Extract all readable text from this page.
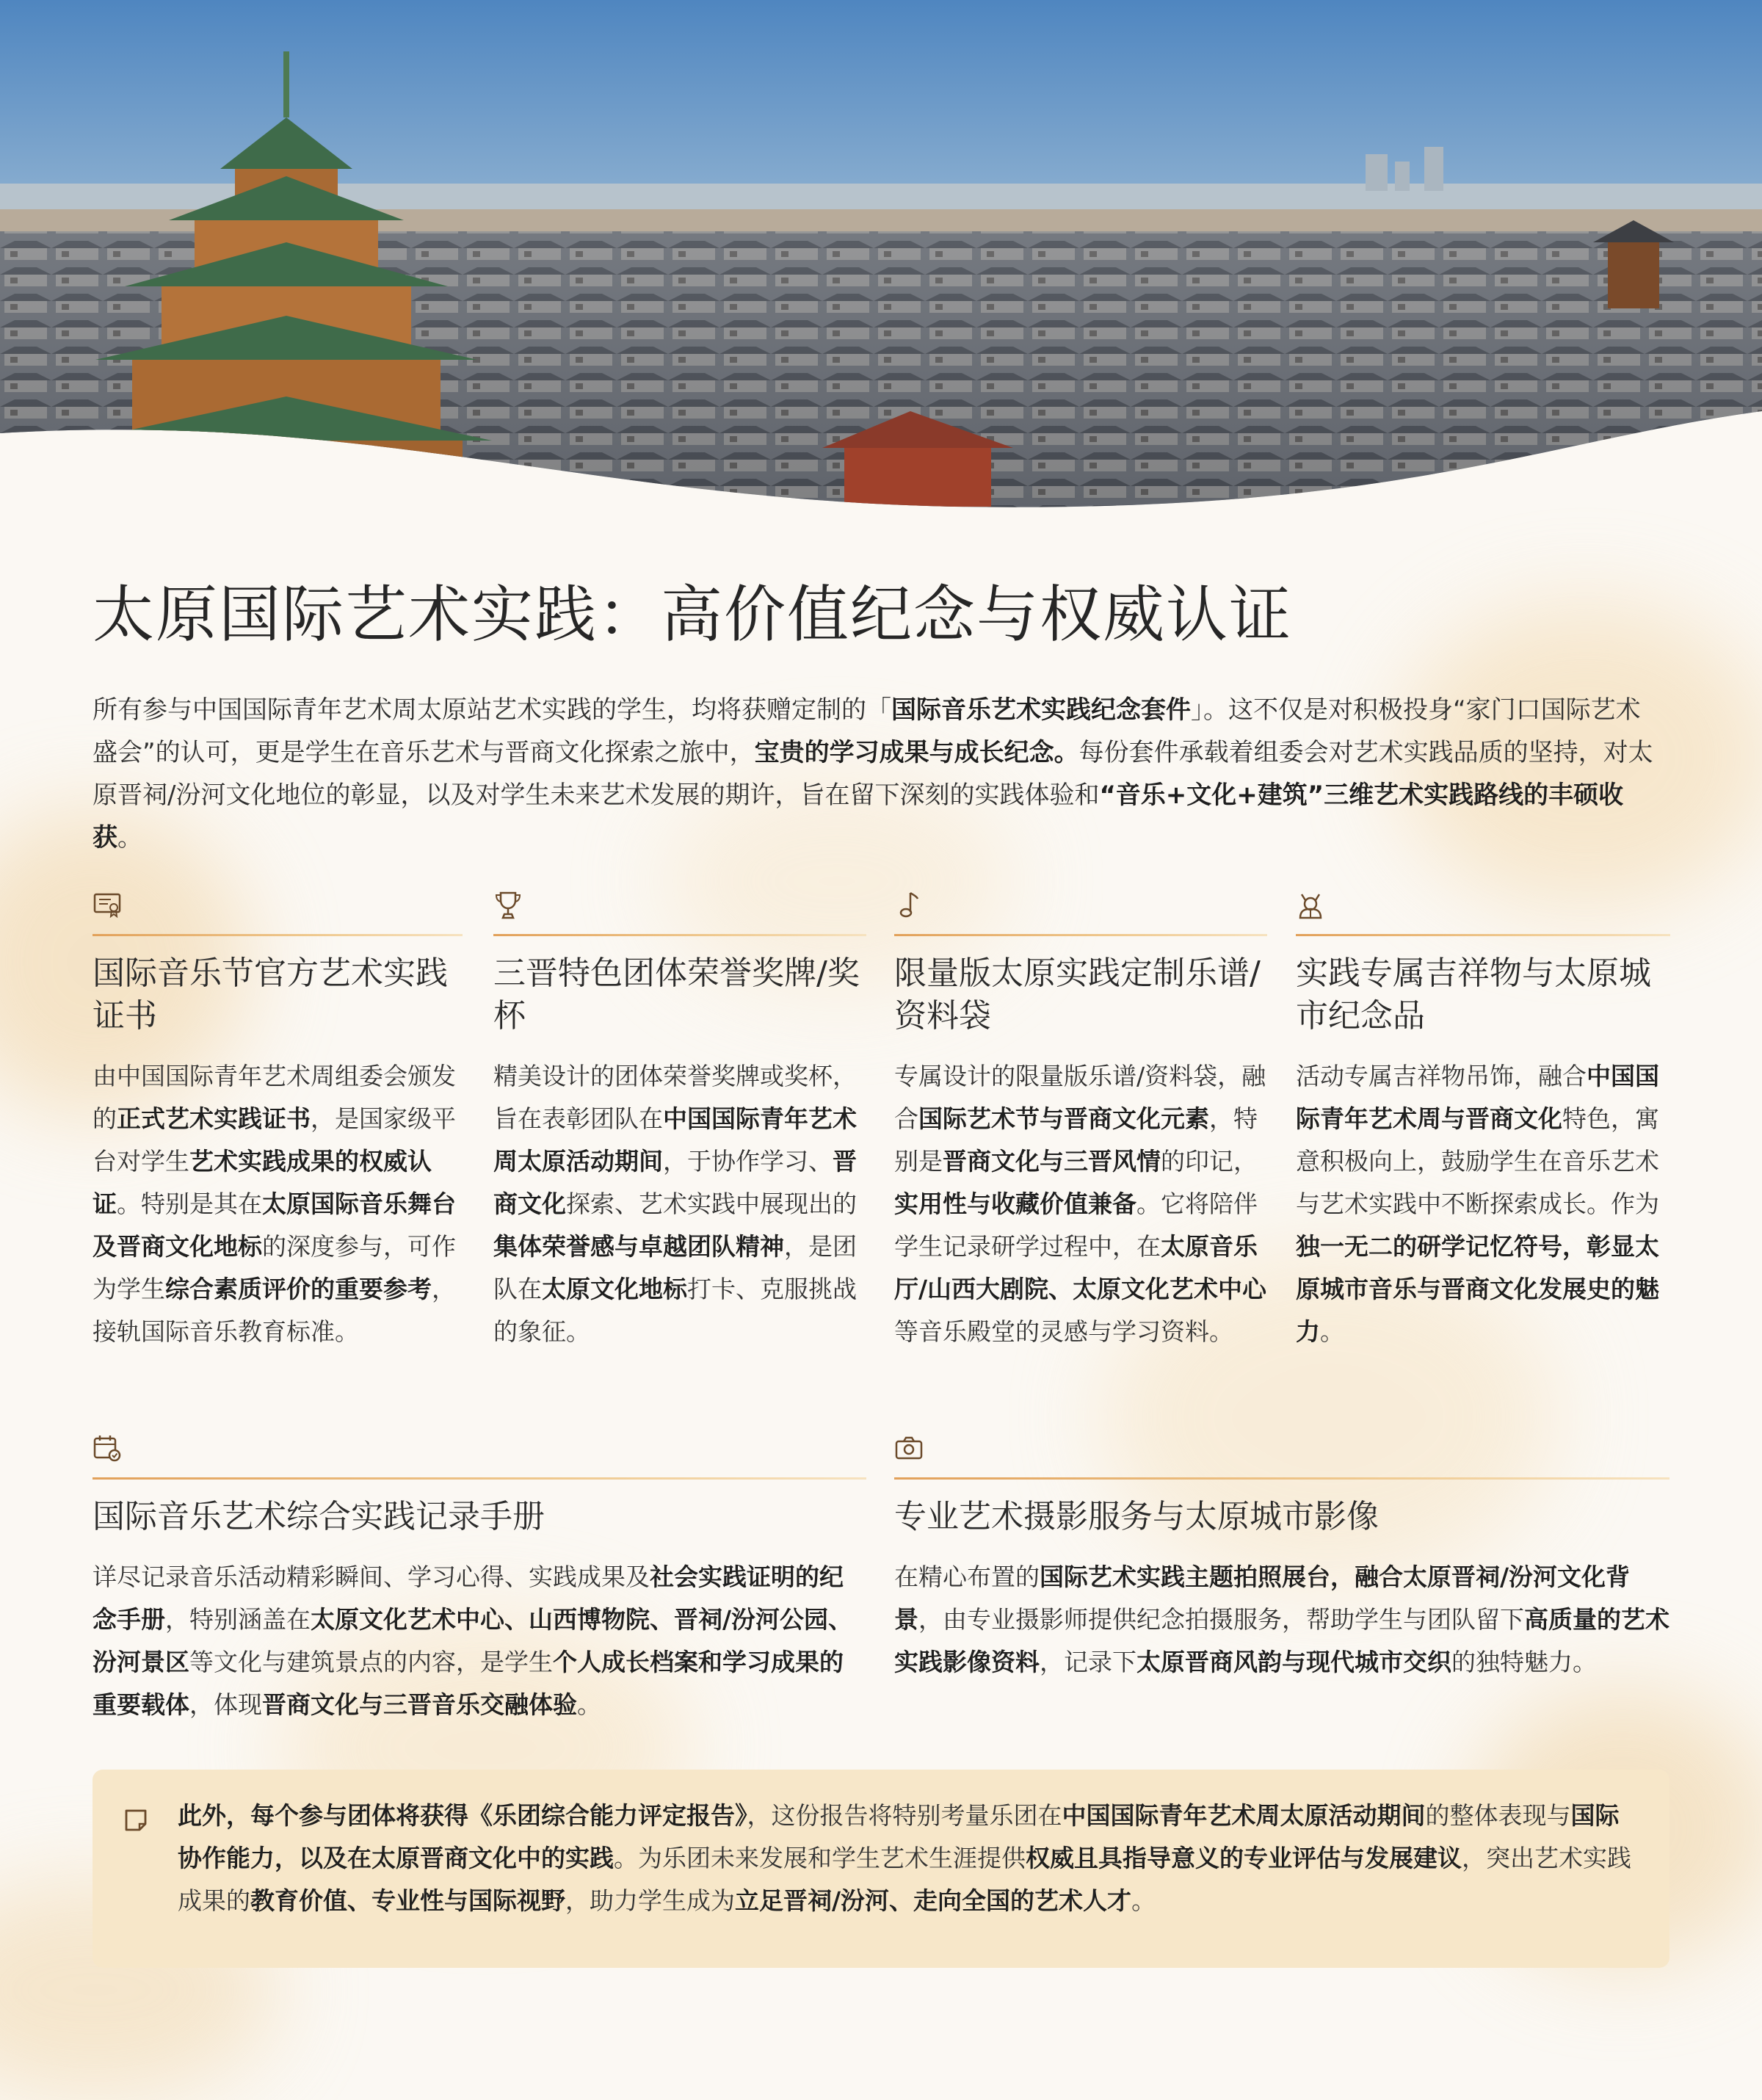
太原国际艺术实践：高价值纪念与权威认证

所有参与中国国际青年艺术周太原站艺术实践的学生，均将获赠定制的「国际音乐艺术实践纪念套件」。这不仅是对积极投身“家门口国际艺术盛会”的认可，更是学生在音乐艺术与晋商文化探索之旅中，宝贵的学习成果与成长纪念。每份套件承载着组委会对艺术实践品质的坚持，对太原晋祠/汾河文化地位的彰显，以及对学生未来艺术发展的期许，旨在留下深刻的实践体验和“音乐+文化+建筑”三维艺术实践路线的丰硕收获。

国际音乐节官方艺术实践证书

由中国国际青年艺术周组委会颁发的正式艺术实践证书，是国家级平台对学生艺术实践成果的权威认证。特别是其在太原国际音乐舞台及晋商文化地标的深度参与，可作为学生综合素质评价的重要参考，接轨国际音乐教育标准。

三晋特色团体荣誉奖牌/奖杯

精美设计的团体荣誉奖牌或奖杯，旨在表彰团队在中国国际青年艺术周太原活动期间，于协作学习、晋商文化探索、艺术实践中展现出的集体荣誉感与卓越团队精神，是团队在太原文化地标打卡、克服挑战的象征。

限量版太原实践定制乐谱/资料袋

专属设计的限量版乐谱/资料袋，融合国际艺术节与晋商文化元素，特别是晋商文化与三晋风情的印记，实用性与收藏价值兼备。它将陪伴学生记录研学过程中，在太原音乐厅/山西大剧院、太原文化艺术中心等音乐殿堂的灵感与学习资料。

实践专属吉祥物与太原城市纪念品

活动专属吉祥物吊饰，融合中国国际青年艺术周与晋商文化特色，寓意积极向上，鼓励学生在音乐艺术与艺术实践中不断探索成长。作为独一无二的研学记忆符号，彰显太原城市音乐与晋商文化发展史的魅力。

国际音乐艺术综合实践记录手册

详尽记录音乐活动精彩瞬间、学习心得、实践成果及社会实践证明的纪念手册，特别涵盖在太原文化艺术中心、山西博物院、晋祠/汾河公园、汾河景区等文化与建筑景点的内容，是学生个人成长档案和学习成果的重要载体，体现晋商文化与三晋音乐交融体验。

专业艺术摄影服务与太原城市影像

在精心布置的国际艺术实践主题拍照展台，融合太原晋祠/汾河文化背景，由专业摄影师提供纪念拍摄服务，帮助学生与团队留下高质量的艺术实践影像资料，记录下太原晋商风韵与现代城市交织的独特魅力。

此外，每个参与团体将获得《乐团综合能力评定报告》，这份报告将特别考量乐团在中国国际青年艺术周太原活动期间的整体表现与国际协作能力，以及在太原晋商文化中的实践。为乐团未来发展和学生艺术生涯提供权威且具指导意义的专业评估与发展建议，突出艺术实践成果的教育价值、专业性与国际视野，助力学生成为立足晋祠/汾河、走向全国的艺术人才。
